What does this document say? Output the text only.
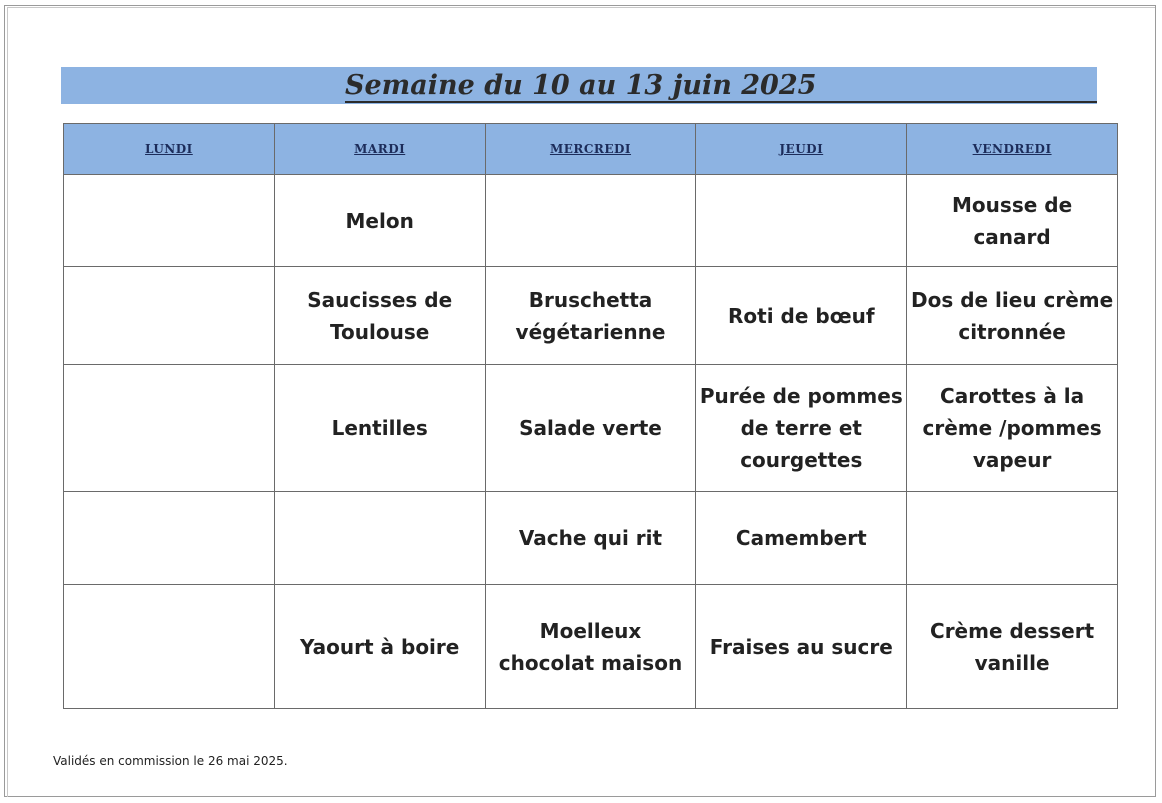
Semaine du 10 au 13 juin 2025
LUNDI	MARDI	MERCREDI	JEUDI	VENDREDI
	Melon			Mousse de canard
	Saucisses de Toulouse	Bruschetta végétarienne	Roti de bœuf	Dos de lieu crème citronnée
	Lentilles	Salade verte	Purée de pommes de terre et courgettes	Carottes à la crème /pommes vapeur
		Vache qui rit	Camembert	
	Yaourt à boire	Moelleux chocolat maison	Fraises au sucre	Crème dessert vanille
Validés en commission le 26 mai 2025.
